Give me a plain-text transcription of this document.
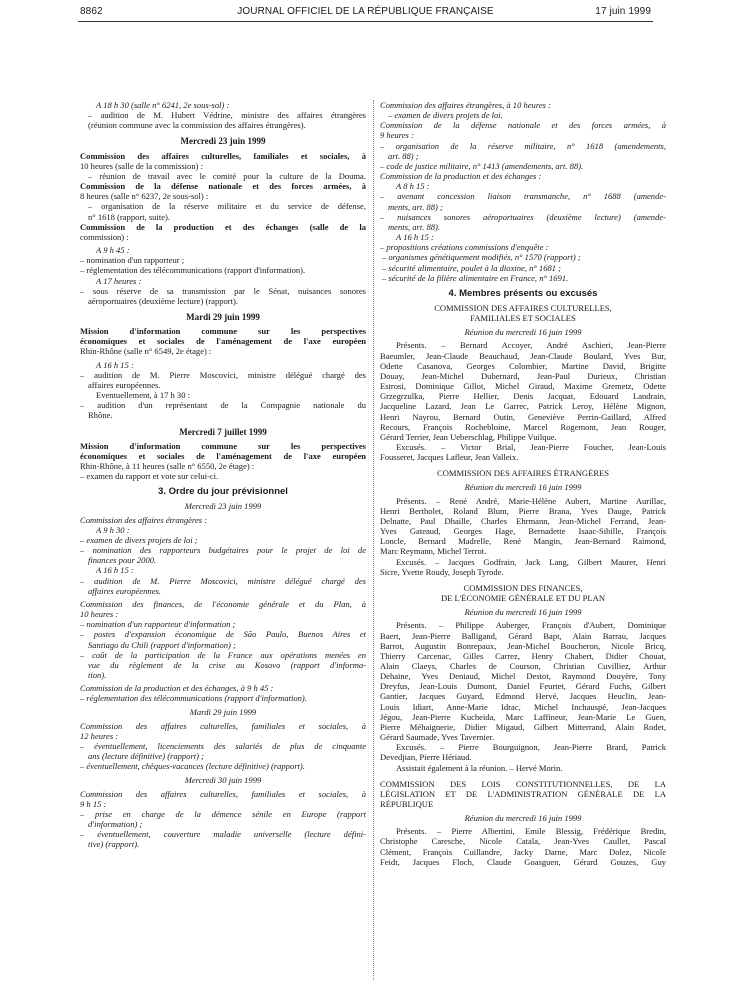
8862	JOURNAL OFFICIEL DE LA RÉPUBLIQUE FRANÇAISE	17 juin 1999
A 18 h 30 (salle n° 6241, 2e sous-sol) :
– audition de M. Hubert Védrine, ministre des affaires étrangères
(réunion commune avec la commission des affaires étrangères).
Mercredi 23 juin 1999
Commission des affaires culturelles, familiales et sociales, à
10 heures (salle de la commission) :
– réunion de travail avec le comité pour la culture de la Douma.
Commission de la défense nationale et des forces armées, à
8 heures (salle n° 6237, 2e sous-sol) :
– organisation de la réserve militaire et du service de défense,
n° 1618 (rapport, suite).
Commission de la production et des échanges (salle de la
commission) :
A 9 h 45 :
– nomination d'un rapporteur ;
– réglementation des télécommunications (rapport d'information).
A 17 heures :
– sous réserve de sa transmission par le Sénat, nuisances sonores
aéroportuaires (deuxième lecture) (rapport).
Mardi 29 juin 1999
Mission d'information commune sur les perspectives
économiques et sociales de l'aménagement de l'axe européen
Rhin-Rhône (salle n° 6549, 2e étage) :
A 16 h 15 :
– audition de M. Pierre Moscovici, ministre délégué chargé des
affaires européennes.
Eventuellement, à 17 h 30 :
– audition d'un représentant de la Compagnie nationale du
Rhône.
Mercredi 7 juillet 1999
Mission d'information commune sur les perspectives
économiques et sociales de l'aménagement de l'axe européen
Rhin-Rhône, à 11 heures (salle n° 6550, 2e étage) :
– examen du rapport et vote sur celui-ci.
3. Ordre du jour prévisionnel
Mercredi 23 juin 1999
Commission des affaires étrangères :
A 9 h 30 :
– examen de divers projets de loi ;
– nomination des rapporteurs budgétaires pour le projet de loi de
finances pour 2000.
A 16 h 15 :
– audition de M. Pierre Moscovici, ministre délégué chargé des
affaires européennes.
Commission des finances, de l'économie générale et du Plan, à
10 heures :
– nomination d'un rapporteur d'information ;
– postes d'expansion économique de São Paulo, Buenos Aires et
Santiago du Chili (rapport d'information) ;
– coût de la participation de la France aux opérations menées en
vue du règlement de la crise au Kosovo (rapport d'informa-
tion).
Commission de la production et des échanges, à 9 h 45 :
– réglementation des télécommunications (rapport d'information).
Mardi 29 juin 1999
Commission des affaires culturelles, familiales et sociales, à
12 heures :
– éventuellement, licenciements des salariés de plus de cinquante
ans (lecture définitive) (rapport) ;
– éventuellement, chèques-vacances (lecture définitive) (rapport).
Mercredi 30 juin 1999
Commission des affaires culturelles, familiales et sociales, à
9 h 15 :
– prise en charge de la démence sénile en Europe (rapport
d'information) ;
– éventuellement, couverture maladie universelle (lecture défini-
tive) (rapport).
Commission des affaires étrangères, à 10 heures :
– examen de divers projets de loi.
Commission de la défense nationale et des forces armées, à
9 heures :
– organisation de la réserve militaire, n° 1618 (amendements,
art. 88) ;
– code de justice militaire, n° 1413 (amendements, art. 88).
Commission de la production et des échanges :
A 8 h 15 :
– avenant concession liaison transmanche, n° 1688 (amende-
ments, art. 88) ;
– nuisances sonores aéroportuaires (deuxième lecture) (amende-
ments, art. 88).
A 16 h 15 :
– propositions créations commissions d'enquête :
– organismes génétiquement modifiés, n° 1570 (rapport) ;
– sécurité alimentaire, poulet à la dioxine, n° 1681 ;
– sécurité de la filière alimentaire en France, n° 1691.
4. Membres présents ou excusés
COMMISSION DES AFFAIRES CULTURELLES,
FAMILIALES ET SOCIALES
Réunion du mercredi 16 juin 1999
Présents. – Bernard Accoyer, André Aschieri, Jean-Pierre
Baeumler, Jean-Claude Beauchaud, Jean-Claude Boulard, Yves Bur,
Odette Casanova, Georges Colombier, Martine David, Brigitte
Douay, Jean-Michel Dubernard, Jean-Paul Durieux, Christian
Estrosi, Dominique Gillot, Michel Giraud, Maxime Gremetz, Odette
Grzegrzulka, Pierre Hellier, Denis Jacquat, Edouard Landrain,
Jacqueline Lazard, Jean Le Garrec, Patrick Leroy, Hélène Mignon,
Henri Nayrou, Bernard Outin, Geneviève Perrin-Gaillard, Alfred
Recours, François Rochebloine, Marcel Rogemont, Jean Rouger,
Gérard Terrier, Jean Ueberschlag, Philippe Vuilque.
Excusés. – Victor Brial, Jean-Pierre Foucher, Jean-Louis
Fousseret, Jacques Lafleur, Jean Valleix.
COMMISSION DES AFFAIRES ÉTRANGÈRES
Réunion du mercredi 16 juin 1999
Présents. – René André, Marie-Hélène Aubert, Martine Aurillac,
Henri Bertholet, Roland Blum, Pierre Brana, Yves Dauge, Patrick
Delnatte, Paul Dhaille, Charles Ehrmann, Jean-Michel Ferrand, Jean-
Yves Gateaud, Georges Hage, Bernadette Isaac-Sibille, François
Loncle, Bernard Madrelle, René Mangin, Jean-Bernard Raimond,
Marc Reymann, Michel Terrot.
Excusés. – Jacques Godfrain, Jack Lang, Gilbert Maurer, Henri
Sicre, Yvette Roudy, Joseph Tyrode.
COMMISSION DES FINANCES,
DE L'ÉCONOMIE GÉNÉRALE ET DU PLAN
Réunion du mercredi 16 juin 1999
Présents. – Philippe Auberger, François d'Aubert, Dominique
Baert, Jean-Pierre Balligand, Gérard Bapt, Alain Barrau, Jacques
Barrot, Augustin Bonrepaux, Jean-Michel Boucheron, Nicole Bricq,
Thierry Carcenac, Gilles Carrez, Henry Chabert, Didier Chouat,
Alain Claeys, Charles de Courson, Christian Cuvilliez, Arthur
Dehaine, Yves Deniaud, Michel Destot, Raymond Douyère, Tony
Dreyfus, Jean-Louis Dumont, Daniel Feurtet, Gérard Fuchs, Gilbert
Gantier, Jacques Guyard, Edmond Hervé, Jacques Heuclin, Jean-
Louis Idiart, Anne-Marie Idrac, Michel Inchauspé, Jean-Jacques
Jégou, Jean-Pierre Kucheida, Marc Laffineur, Jean-Marie Le Guen,
Pierre Méhaignerie, Didier Migaud, Gilbert Mitterrand, Alain Rodet,
Gérard Saumade, Yves Tavernier.
Excusés. – Pierre Bourguignon, Jean-Pierre Brard, Patrick
Devedjian, Pierre Hériaud.
Assistait également à la réunion. – Hervé Morin.
COMMISSION DES LOIS CONSTITUTIONNELLES, DE LA
LÉGISLATION ET DE L'ADMINISTRATION GÉNÉRALE DE LA
RÉPUBLIQUE
Réunion du mercredi 16 juin 1999
Présents. – Pierre Albertini, Emile Blessig, Frédérique Bredin,
Christophe Caresche, Nicole Catala, Jean-Yves Caullet, Pascal
Clément, François Cuillandre, Jacky Darne, Marc Dolez, Nicole
Feidt, Jacques Floch, Claude Goasguen, Gérard Gouzes, Guy
